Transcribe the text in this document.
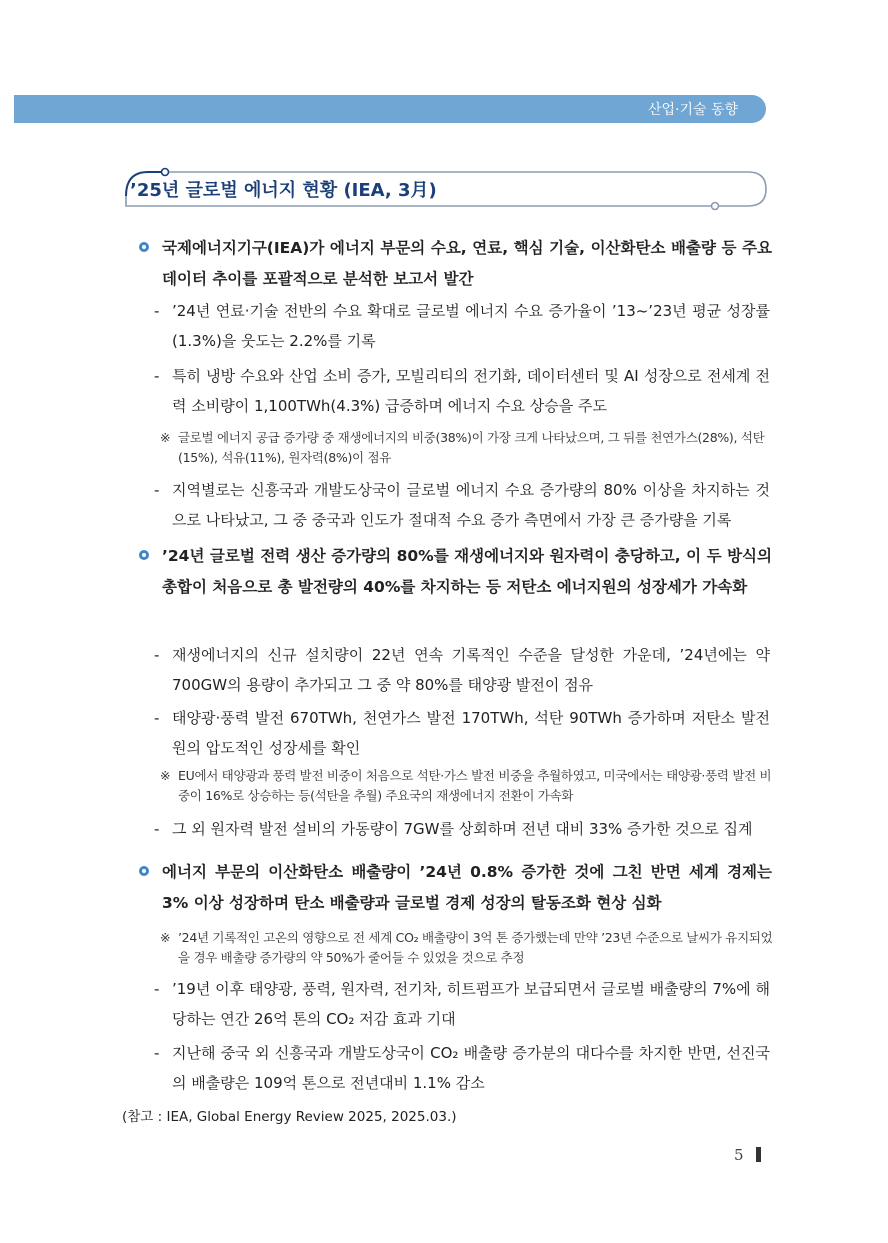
산업·기술 동향
’25년 글로벌 에너지 현황 (IEA, 3月)
국제에너지기구(IEA)가 에너지 부문의 수요, 연료, 핵심 기술, 이산화탄소 배출량 등 주요 데이터 추이를 포괄적으로 분석한 보고서 발간
- ’24년 연료·기술 전반의 수요 확대로 글로벌 에너지 수요 증가율이 ’13~’23년 평균 성장률(1.3%)을 웃도는 2.2%를 기록
- 특히 냉방 수요와 산업 소비 증가, 모빌리티의 전기화, 데이터센터 및 AI 성장으로 전세계 전력 소비량이 1,100TWh(4.3%) 급증하며 에너지 수요 상승을 주도
※ 글로벌 에너지 공급 증가량 중 재생에너지의 비중(38%)이 가장 크게 나타났으며, 그 뒤를 천연가스(28%), 석탄(15%), 석유(11%), 원자력(8%)이 점유
- 지역별로는 신흥국과 개발도상국이 글로벌 에너지 수요 증가량의 80% 이상을 차지하는 것으로 나타났고, 그 중 중국과 인도가 절대적 수요 증가 측면에서 가장 큰 증가량을 기록
’24년 글로벌 전력 생산 증가량의 80%를 재생에너지와 원자력이 충당하고, 이 두 방식의 총합이 처음으로 총 발전량의 40%를 차지하는 등 저탄소 에너지원의 성장세가 가속화
- 재생에너지의 신규 설치량이 22년 연속 기록적인 수준을 달성한 가운데, ’24년에는 약 700GW의 용량이 추가되고 그 중 약 80%를 태양광 발전이 점유
- 태양광·풍력 발전 670TWh, 천연가스 발전 170TWh, 석탄 90TWh 증가하며 저탄소 발전원의 압도적인 성장세를 확인
※ EU에서 태양광과 풍력 발전 비중이 처음으로 석탄·가스 발전 비중을 추월하였고, 미국에서는 태양광·풍력 발전 비중이 16%로 상승하는 등(석탄을 추월) 주요국의 재생에너지 전환이 가속화
- 그 외 원자력 발전 설비의 가동량이 7GW를 상회하며 전년 대비 33% 증가한 것으로 집계
에너지 부문의 이산화탄소 배출량이 ’24년 0.8% 증가한 것에 그친 반면 세계 경제는 3% 이상 성장하며 탄소 배출량과 글로벌 경제 성장의 탈동조화 현상 심화
※ ’24년 기록적인 고온의 영향으로 전 세계 CO₂ 배출량이 3억 톤 증가했는데 만약 ’23년 수준으로 날씨가 유지되었을 경우 배출량 증가량의 약 50%가 줄어들 수 있었을 것으로 추정
- ’19년 이후 태양광, 풍력, 원자력, 전기차, 히트펌프가 보급되면서 글로벌 배출량의 7%에 해당하는 연간 26억 톤의 CO₂ 저감 효과 기대
- 지난해 중국 외 신흥국과 개발도상국이 CO₂ 배출량 증가분의 대다수를 차지한 반면, 선진국의 배출량은 109억 톤으로 전년대비 1.1% 감소
(참고 : IEA, Global Energy Review 2025, 2025.03.)
5
